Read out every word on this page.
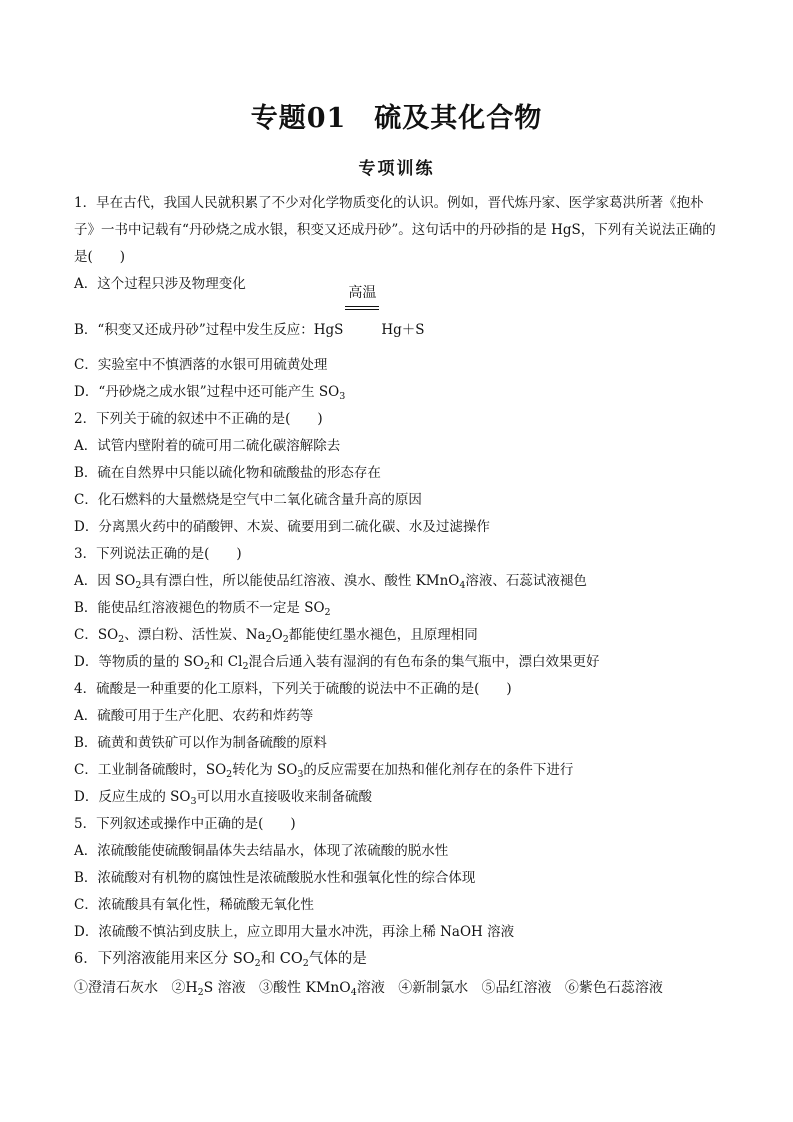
专题01　硫及其化合物
专项训练
1．早在古代，我国人民就积累了不少对化学物质变化的认识。例如，晋代炼丹家、医学家葛洪所著《抱朴
子》一书中记载有“丹砂烧之成水银，积变又还成丹砂”。这句话中的丹砂指的是 HgS，下列有关说法正确的
是(　　)
A．这个过程只涉及物理变化
B．“积变又还成丹砂”过程中发生反应：HgS
高温
Hg＋S
C．实验室中不慎洒落的水银可用硫黄处理
D．“丹砂烧之成水银”过程中还可能产生 $SO_3$
2．下列关于硫的叙述中不正确的是(　　)
A．试管内壁附着的硫可用二硫化碳溶解除去
B．硫在自然界中只能以硫化物和硫酸盐的形态存在
C．化石燃料的大量燃烧是空气中二氧化硫含量升高的原因
D．分离黑火药中的硝酸钾、木炭、硫要用到二硫化碳、水及过滤操作
3．下列说法正确的是(　　)
A．因 $SO_2$具有漂白性，所以能使品红溶液、溴水、酸性 KMnO$_4$溶液、石蕊试液褪色
B．能使品红溶液褪色的物质不一定是 $SO_2$
C．$SO_2$、漂白粉、活性炭、$Na_2O_2$都能使红墨水褪色，且原理相同
D．等物质的量的 $SO_2$和 $Cl_2$混合后通入装有湿润的有色布条的集气瓶中，漂白效果更好
4．硫酸是一种重要的化工原料，下列关于硫酸的说法中不正确的是(　　)
A．硫酸可用于生产化肥、农药和炸药等
B．硫黄和黄铁矿可以作为制备硫酸的原料
C．工业制备硫酸时，$SO_2$转化为 $SO_3$的反应需要在加热和催化剂存在的条件下进行
D．反应生成的 $SO_3$可以用水直接吸收来制备硫酸
5．下列叙述或操作中正确的是(　　)
A．浓硫酸能使硫酸铜晶体失去结晶水，体现了浓硫酸的脱水性
B．浓硫酸对有机物的腐蚀性是浓硫酸脱水性和强氧化性的综合体现
C．浓硫酸具有氧化性，稀硫酸无氧化性
D．浓硫酸不慎沾到皮肤上，应立即用大量水冲洗，再涂上稀 NaOH 溶液
6．下列溶液能用来区分 $SO_2$和 $CO_2$气体的是
①澄清石灰水 $②H_2S$ 溶液 ③酸性 KMnO$_4$溶液 ④新制氯水 ⑤品红溶液 ⑥紫色石蕊溶液
